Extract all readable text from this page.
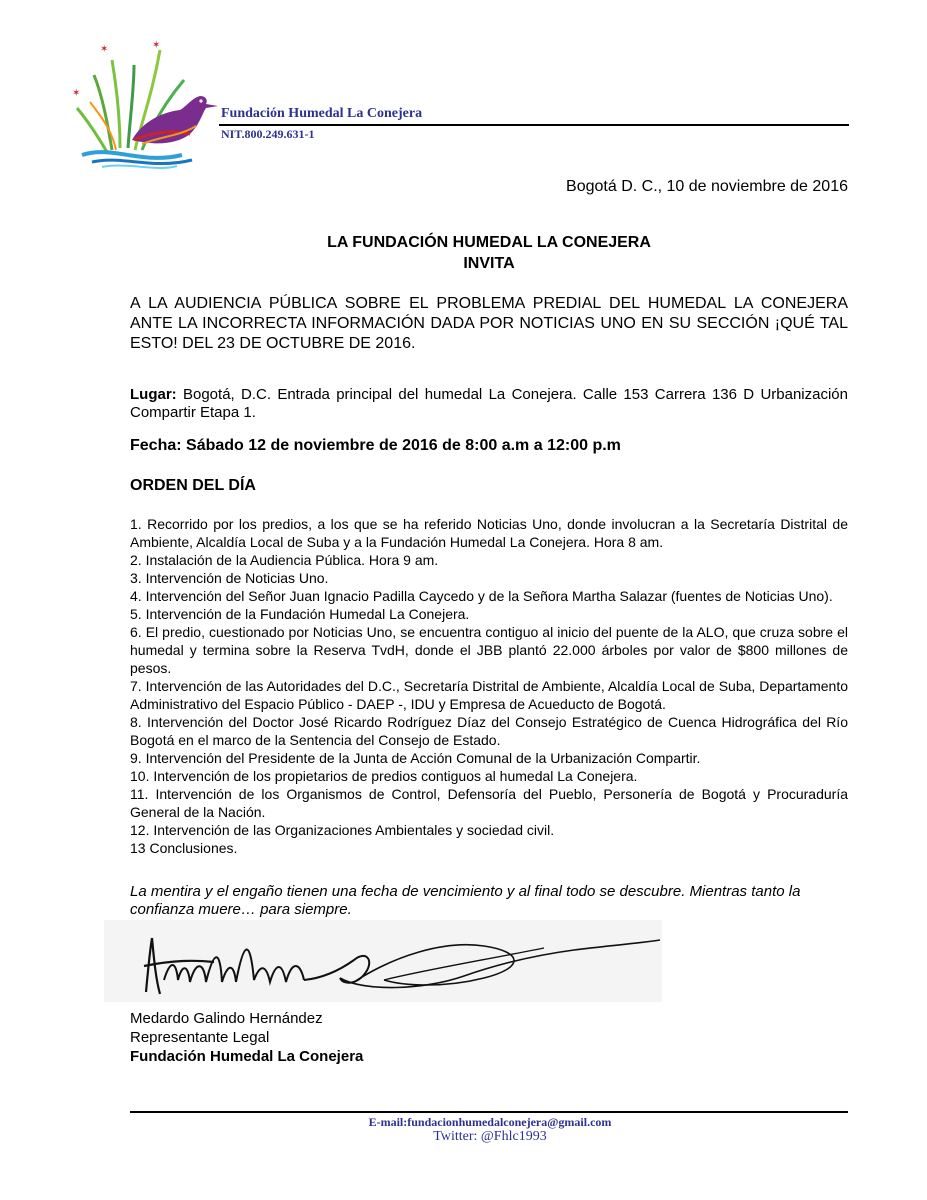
✶	✶
✶
Fundación Humedal La Conejera
NIT.800.249.631-1
Bogotá D. C., 10 de noviembre de 2016
LA FUNDACIÓN HUMEDAL LA CONEJERA
INVITA
A LA AUDIENCIA PÚBLICA SOBRE EL PROBLEMA PREDIAL DEL HUMEDAL LA CONEJERA ANTE LA INCORRECTA INFORMACIÓN DADA POR NOTICIAS UNO EN SU SECCIÓN ¡QUÉ TAL ESTO! DEL 23 DE OCTUBRE DE 2016.
Lugar: Bogotá, D.C. Entrada principal del humedal La Conejera. Calle 153 Carrera 136 D Urbanización Compartir Etapa 1.
Fecha: Sábado 12 de noviembre de 2016 de 8:00 a.m a 12:00 p.m
ORDEN DEL DÍA
1. Recorrido por los predios, a los que se ha referido Noticias Uno, donde involucran a la Secretaría Distrital de Ambiente, Alcaldía Local de Suba y a la Fundación Humedal La Conejera. Hora 8 am.
2. Instalación de la Audiencia Pública. Hora 9 am.
3. Intervención de Noticias Uno.
4. Intervención del Señor Juan Ignacio Padilla Caycedo y de la Señora Martha Salazar (fuentes de Noticias Uno).
5. Intervención de la Fundación Humedal La Conejera.
6. El predio, cuestionado por Noticias Uno, se encuentra contiguo al inicio del puente de la ALO, que cruza sobre el humedal y termina sobre la Reserva TvdH, donde el JBB plantó 22.000 árboles por valor de $800 millones de pesos.
7. Intervención de las Autoridades del D.C., Secretaría Distrital de Ambiente, Alcaldía Local de Suba, Departamento Administrativo del Espacio Público - DAEP -, IDU y Empresa de Acueducto de Bogotá.
8. Intervención del Doctor José Ricardo Rodríguez Díaz del Consejo Estratégico de Cuenca Hidrográfica del Río Bogotá en el marco de la Sentencia del Consejo de Estado.
9. Intervención del Presidente de la Junta de Acción Comunal de la Urbanización Compartir.
10. Intervención de los propietarios de predios contiguos al humedal La Conejera.
11. Intervención de los Organismos de Control, Defensoría del Pueblo, Personería de Bogotá y Procuraduría General de la Nación.
12. Intervención de las Organizaciones Ambientales y sociedad civil.
13 Conclusiones.
La mentira y el engaño tienen una fecha de vencimiento y al final todo se descubre. Mientras tanto la confianza muere… para siempre.
Medardo Galindo Hernández
Representante Legal
Fundación Humedal La Conejera
E-mail:fundacionhumedalconejera@gmail.com
Twitter: @Fhlc1993
